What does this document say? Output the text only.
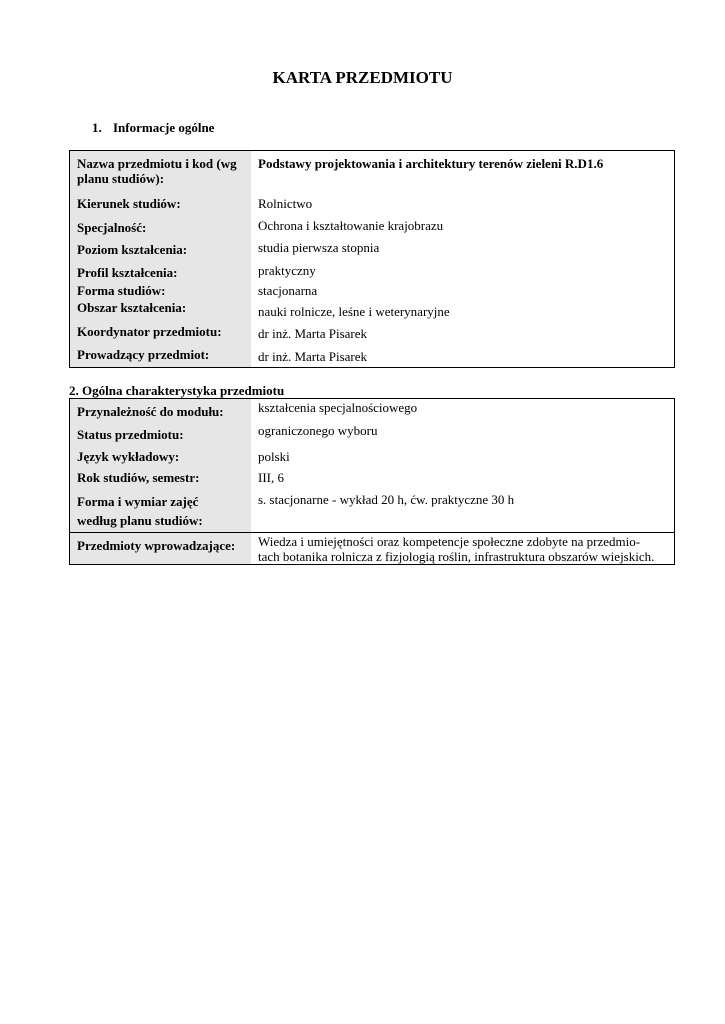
KARTA PRZEDMIOTU
1. Informacje ogólne
Nazwa przedmiotu i kod (wg planu studiów):	Podstawy projektowania i architektury terenów zieleni R.D1.6
Kierunek studiów:	Rolnictwo
Specjalność:	Ochrona i kształtowanie krajobrazu
Poziom kształcenia:	studia pierwsza stopnia
Profil kształcenia:	praktyczny
Forma studiów:	stacjonarna
Obszar kształcenia:	nauki rolnicze, leśne i weterynaryjne
Koordynator przedmiotu:	dr inż. Marta Pisarek
Prowadzący przedmiot:	dr inż. Marta Pisarek
2. Ogólna charakterystyka przedmiotu
Przynależność do modułu:	kształcenia specjalnościowego
Status przedmiotu:	ograniczonego wyboru
Język wykładowy:	polski
Rok studiów, semestr:	III, 6

Forma i wymiar zajęć
według planu studiów:	s. stacjonarne - wykład 20 h, ćw. praktyczne 30 h
Przedmioty wprowadzające:	Wiedza i umiejętności oraz kompetencje społeczne zdobyte na przedmio-
tach botanika rolnicza z fizjologią roślin, infrastruktura obszarów wiejskich.
